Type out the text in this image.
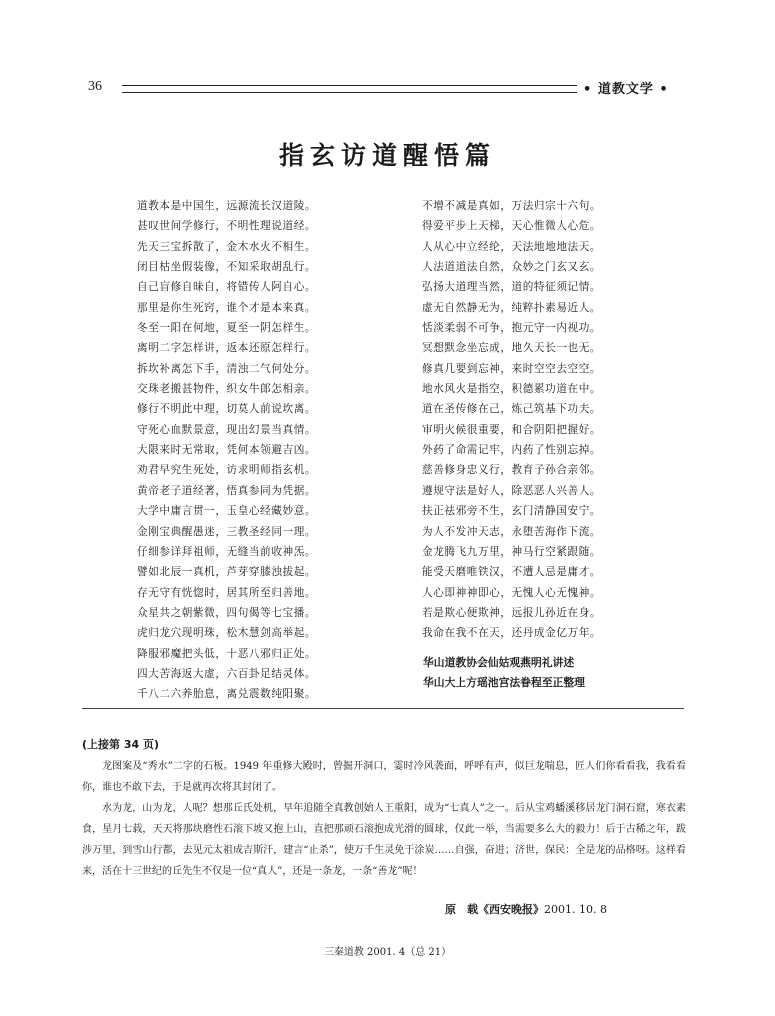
36	• 道教文学 •
指玄访道醒悟篇
道教本是中国生，远源流长汉道陵。
甚叹世间学修行，不明性理说道经。
先天三宝拆散了，金木水火不相生。
闭目枯坐假装像，不知采取胡乱行。
自己盲修自昧自，将错传人阿自心。
那里是你生死窍，谁个才是本来真。
冬至一阳在何地，夏至一阴怎样生。
离明二字怎样讲，返本还原怎样行。
拆坎补离怎下手，清浊二气何处分。
交珠老搬甚物件，织女牛郎怎相亲。
修行不明此中理，切莫人前说坎离。
守死心血默景意，现出幻景当真情。
大限来时无常取，凭何本领避吉凶。
劝君早究生死处，访求明师指玄机。
黄帝老子道经著，悟真参同为凭据。
大学中庸言贯一，玉皇心经藏妙意。
金刚宝典醒愚迷，三教圣经同一理。
仔细参详拜祖师，无缝当前收神炁。
譬如北辰一真机，芦芽穿膝浊拔起。
存无守有恍惚时，居其所至归善地。
众星共之朝紫微，四句偈等七宝播。
虎归龙穴现明珠，松木慧剑高举起。
降服邪魔把头低，十恶八邪归正处。
四大苦海返大虚，六百卦足结灵体。
千八二六养胎息，离兑震数纯阳聚。
不增不减是真如，万法归宗十六句。
得爱平步上天梯，天心惟微人心危。
人从心中立经纶，天法地地地法天。
人法道道法自然，众妙之门玄又玄。
弘扬大道理当然，道的特征须记情。
虚无自然静无为，纯粹扑素易近人。
恬淡柔弱不可争，抱元守一内视功。
冥想默念坐忘成，地久天长一也无。
修真几要到忘神，来时空空去空空。
地水风火是指空，积德累功道在中。
道在圣传修在己，炼己筑基下功夫。
审明火候很重要，和合阴阳把握好。
外药了命需记牢，内药了性别忘掉。
慈善修身忠义行，教育子孙合亲邻。
遵规守法是好人，除恶恶人兴善人。
扶正祛邪旁不生，玄门清静国安宁。
为人不发冲天志，永堕苦海作下流。
金龙腾飞九万里，神马行空紧跟随。
能受天磨唯铁汉，不遭人忌是庸才。
人心即神神即心，无愧人心无愧神。
若是欺心便欺神，远报儿孙近在身。
我命在我不在天，还丹成金亿万年。
华山道教协会仙姑观燕明礼讲述
华山大上方瑶池宫法眷程至正整理
(上接第 34 页)

龙图案及“秀水”二字的石板。1949 年重修大殿时，曾掘开洞口，霎时冷风袭面，呼呼有声，似巨龙喘息，匠人们你看看我，我看看你，谁也不敢下去，于是就再次将其封闭了。

水为龙，山为龙，人呢？想那丘氏处机，早年追随全真教创始人王重阳，成为“七真人”之一。后从宝鸡蟠溪移居龙门洞石窟，寒衣素食，星月七载，天天将那块磨性石滚下坡又抱上山，直把那顽石滚抱成光滑的圆球，仅此一举，当需要多么大的毅力！后于古稀之年，跋涉万里，到雪山行都，去见元太祖成吉斯汗，建言“止杀”，使万千生灵免于涂炭……自强，奋进；济世，保民：全是龙的品格呀。这样看来，活在十三世纪的丘先生不仅是一位“真人”，还是一条龙，一条“善龙”呢！

原　载《西安晚报》2001. 10. 8
三秦道教 2001. 4（总 21）
